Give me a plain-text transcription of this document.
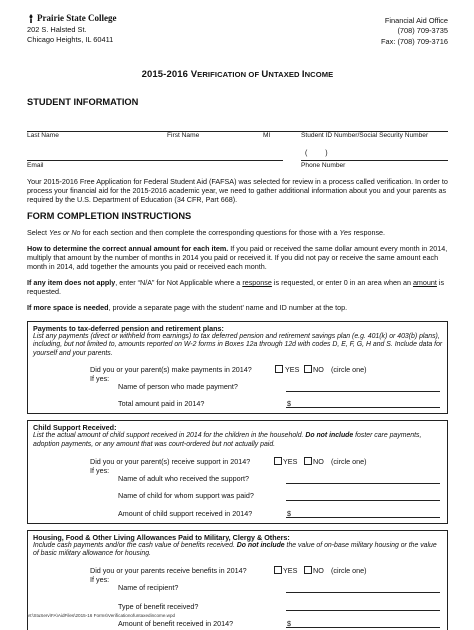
Prairie State College
202 S. Halsted St.
Chicago Heights, IL 60411
Financial Aid Office
(708) 709-3735
Fax: (708) 709-3716
2015-2016 VERIFICATION OF UNTAXED INCOME
STUDENT INFORMATION
Last Name	First Name	MI	Student ID Number/Social Security Number
( )
Email	Phone Number

Your 2015-2016 Free Application for Federal Student Aid (FAFSA) was selected for review in a process called verification. In order to process your financial aid for the 2015-2016 academic year, we need to gather additional information about you and your parents as required by the U.S. Department of Education (34 CFR, Part 668).

FORM COMPLETION INSTRUCTIONS

Select Yes or No for each section and then complete the corresponding questions for those with a Yes response.

How to determine the correct annual amount for each item. If you paid or received the same dollar amount every month in 2014, multiply that amount by the number of months in 2014 you paid or received it. If you did not pay or receive the same amount each month in 2014, add together the amounts you paid or received each month.

If any item does not apply, enter “N/A” for Not Applicable where a response is requested, or enter 0 in an area when an amount is requested.

If more space is needed, provide a separate page with the student’ name and ID number at the top.

Payments to tax-deferred pension and retirement plans:
List any payments (direct or withheld from earnings) to tax deferred pension and retirement savings plan (e.g. 401(k) or 403(b) plans), including, but not limited to, amounts reported on W-2 forms in Boxes 12a through 12d with codes D, E, F, G, H and S. Include data for yourself and your parents.
Did you or your parent(s) make payments in 2014?	YES NO (circle one)
If yes:
Name of person who made payment?
Total amount paid in 2014?	$
Child Support Received:
List the actual amount of child support received in 2014 for the children in the household. Do not include foster care payments, adoption payments, or any amount that was court-ordered but not actually paid.
Did you or your parent(s) receive support in 2014?	YES NO (circle one)
If yes:
Name of adult who received the support?
Name of child for whom support was paid?
Amount of child support received in 2014?	$
Housing, Food & Other Living Allowances Paid to Military, Clergy & Others:
Include cash payments and/or the cash value of benefits received. Do not include the value of on-base military housing or the value of basic military allowance for housing.
Did you or your parents receive benefits in 2014?	YES NO (circle one)
If yes:
Name of recipient?
Type of benefit received?
Amount of benefit received in 2014?	$
M:\StuServ\FA\AidFiles\2015-16 Forms\Verificationofuntaxedincome.wpd
